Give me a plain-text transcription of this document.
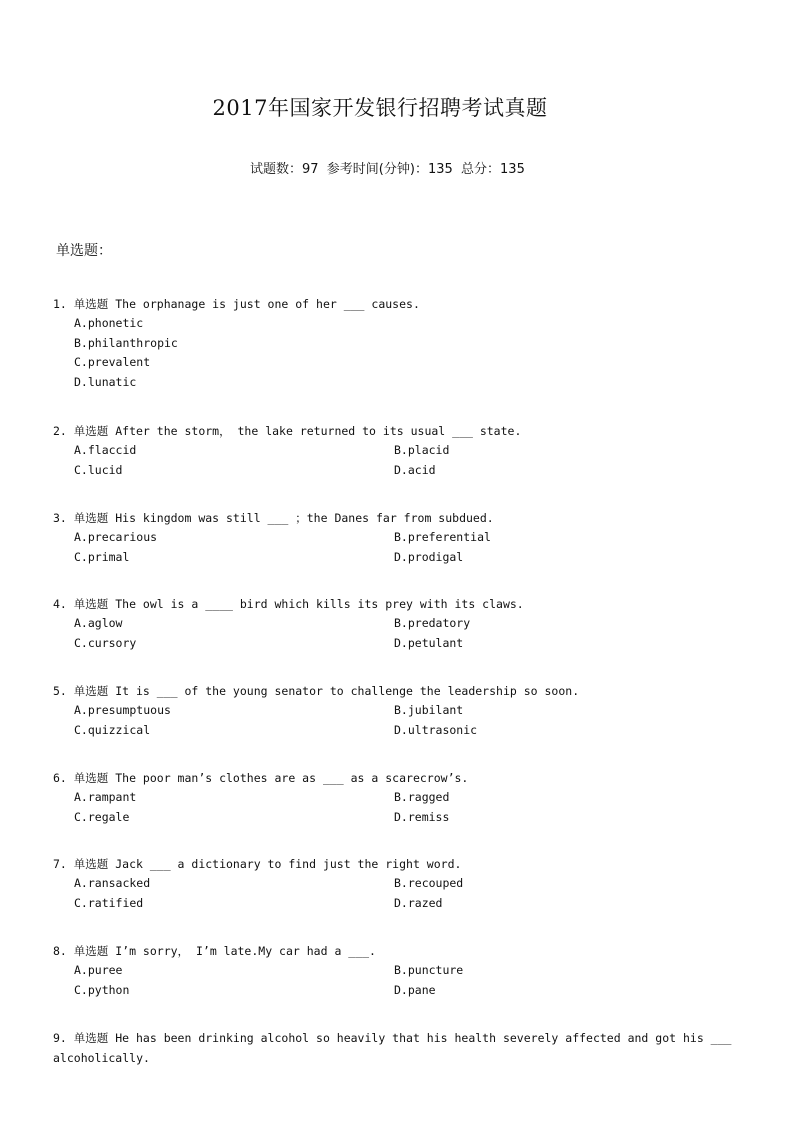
2017年国家开发银行招聘考试真题
试题数：97  参考时间(分钟)：135  总分：135
单选题：
1. 单选题 The orphanage is just one of her ___ causes.
A.phonetic
B.philanthropic
C.prevalent
D.lunatic
2. 单选题 After the storm， the lake returned to its usual ___ state.
A.flaccid	B.placid
C.lucid	D.acid
3. 单选题 His kingdom was still ___ ；the Danes far from subdued.
A.precarious	B.preferential
C.primal	D.prodigal
4. 单选题 The owl is a ____ bird which kills its prey with its claws.
A.aglow	B.predatory
C.cursory	D.petulant
5. 单选题 It is ___ of the young senator to challenge the leadership so soon.
A.presumptuous	B.jubilant
C.quizzical	D.ultrasonic
6. 单选题 The poor man’s clothes are as ___ as a scarecrow’s.
A.rampant	B.ragged
C.regale	D.remiss
7. 单选题 Jack ___ a dictionary to find just the right word.
A.ransacked	B.recouped
C.ratified	D.razed
8. 单选题 I’m sorry， I’m late.My car had a ___.
A.puree	B.puncture
C.python	D.pane
9. 单选题 He has been drinking alcohol so heavily that his health severely affected and got his ___ alcoholically.
